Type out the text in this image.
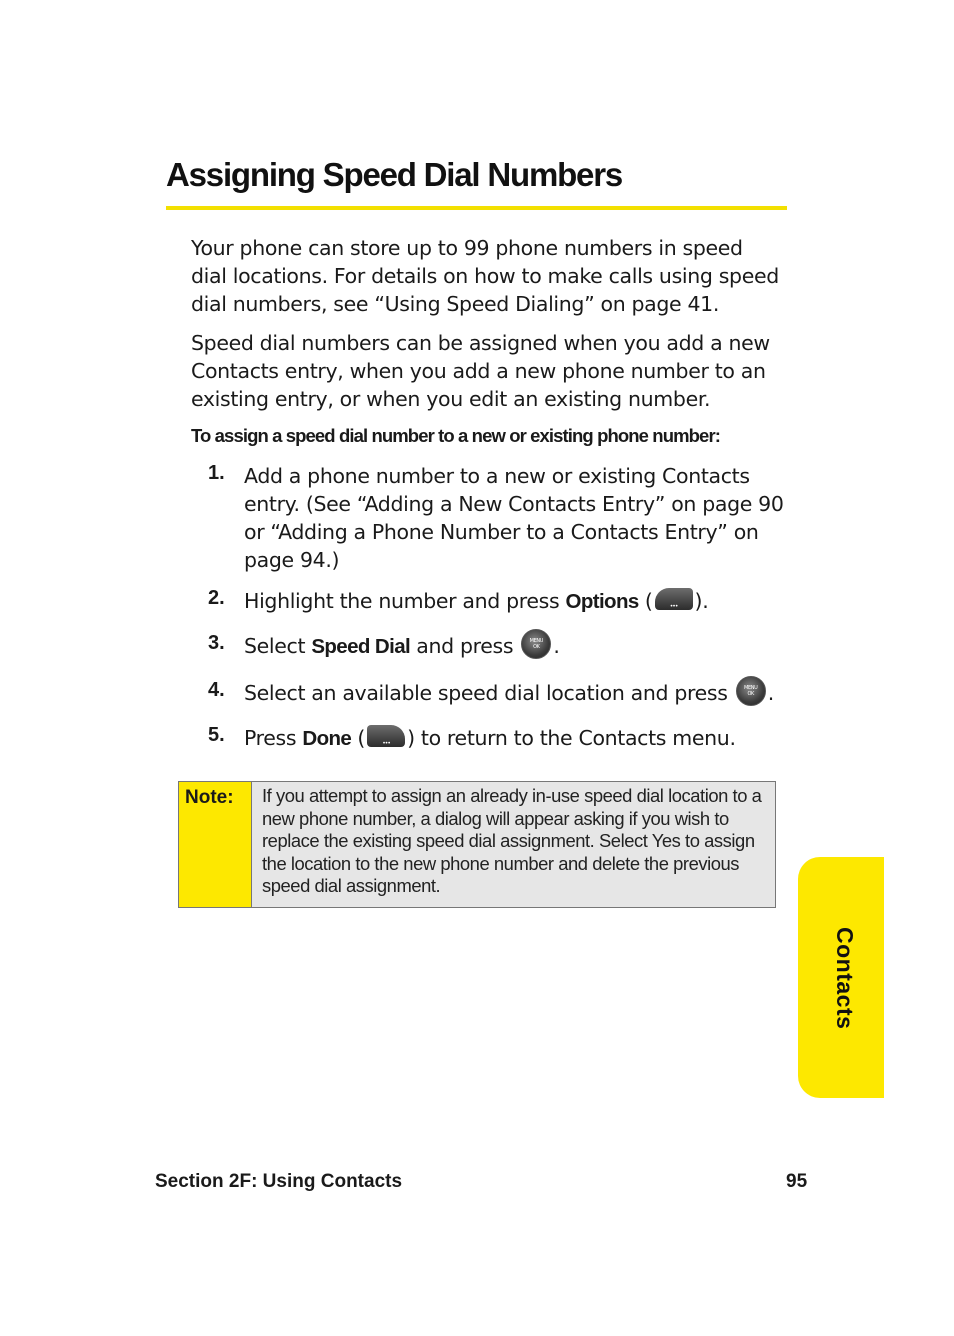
Assigning Speed Dial Numbers

Your phone can store up to 99 phone numbers in speed dial locations. For details on how to make calls using speed dial numbers, see “Using Speed Dialing” on page 41.

Speed dial numbers can be assigned when you add a new Contacts entry, when you add a new phone number to an existing entry, or when you edit an existing number.

To assign a speed dial number to a new or existing phone number:
1. Add a phone number to a new or existing Contacts entry. (See “Adding a New Contacts Entry” on page 90 or “Adding a Phone Number to a Contacts Entry” on page 94.)
2. Highlight the number and press Options ( ••• ).
3. Select Speed Dial and press MENU OK.
4. Select an available speed dial location and press MENU OK.
5. Press Done ( ••• ) to return to the Contacts menu.
Note: If you attempt to assign an already in-use speed dial location to a new phone number, a dialog will appear asking if you wish to replace the existing speed dial assignment. Select Yes to assign the location to the new phone number and delete the previous speed dial assignment.

Contacts
Section 2F: Using Contacts	95
